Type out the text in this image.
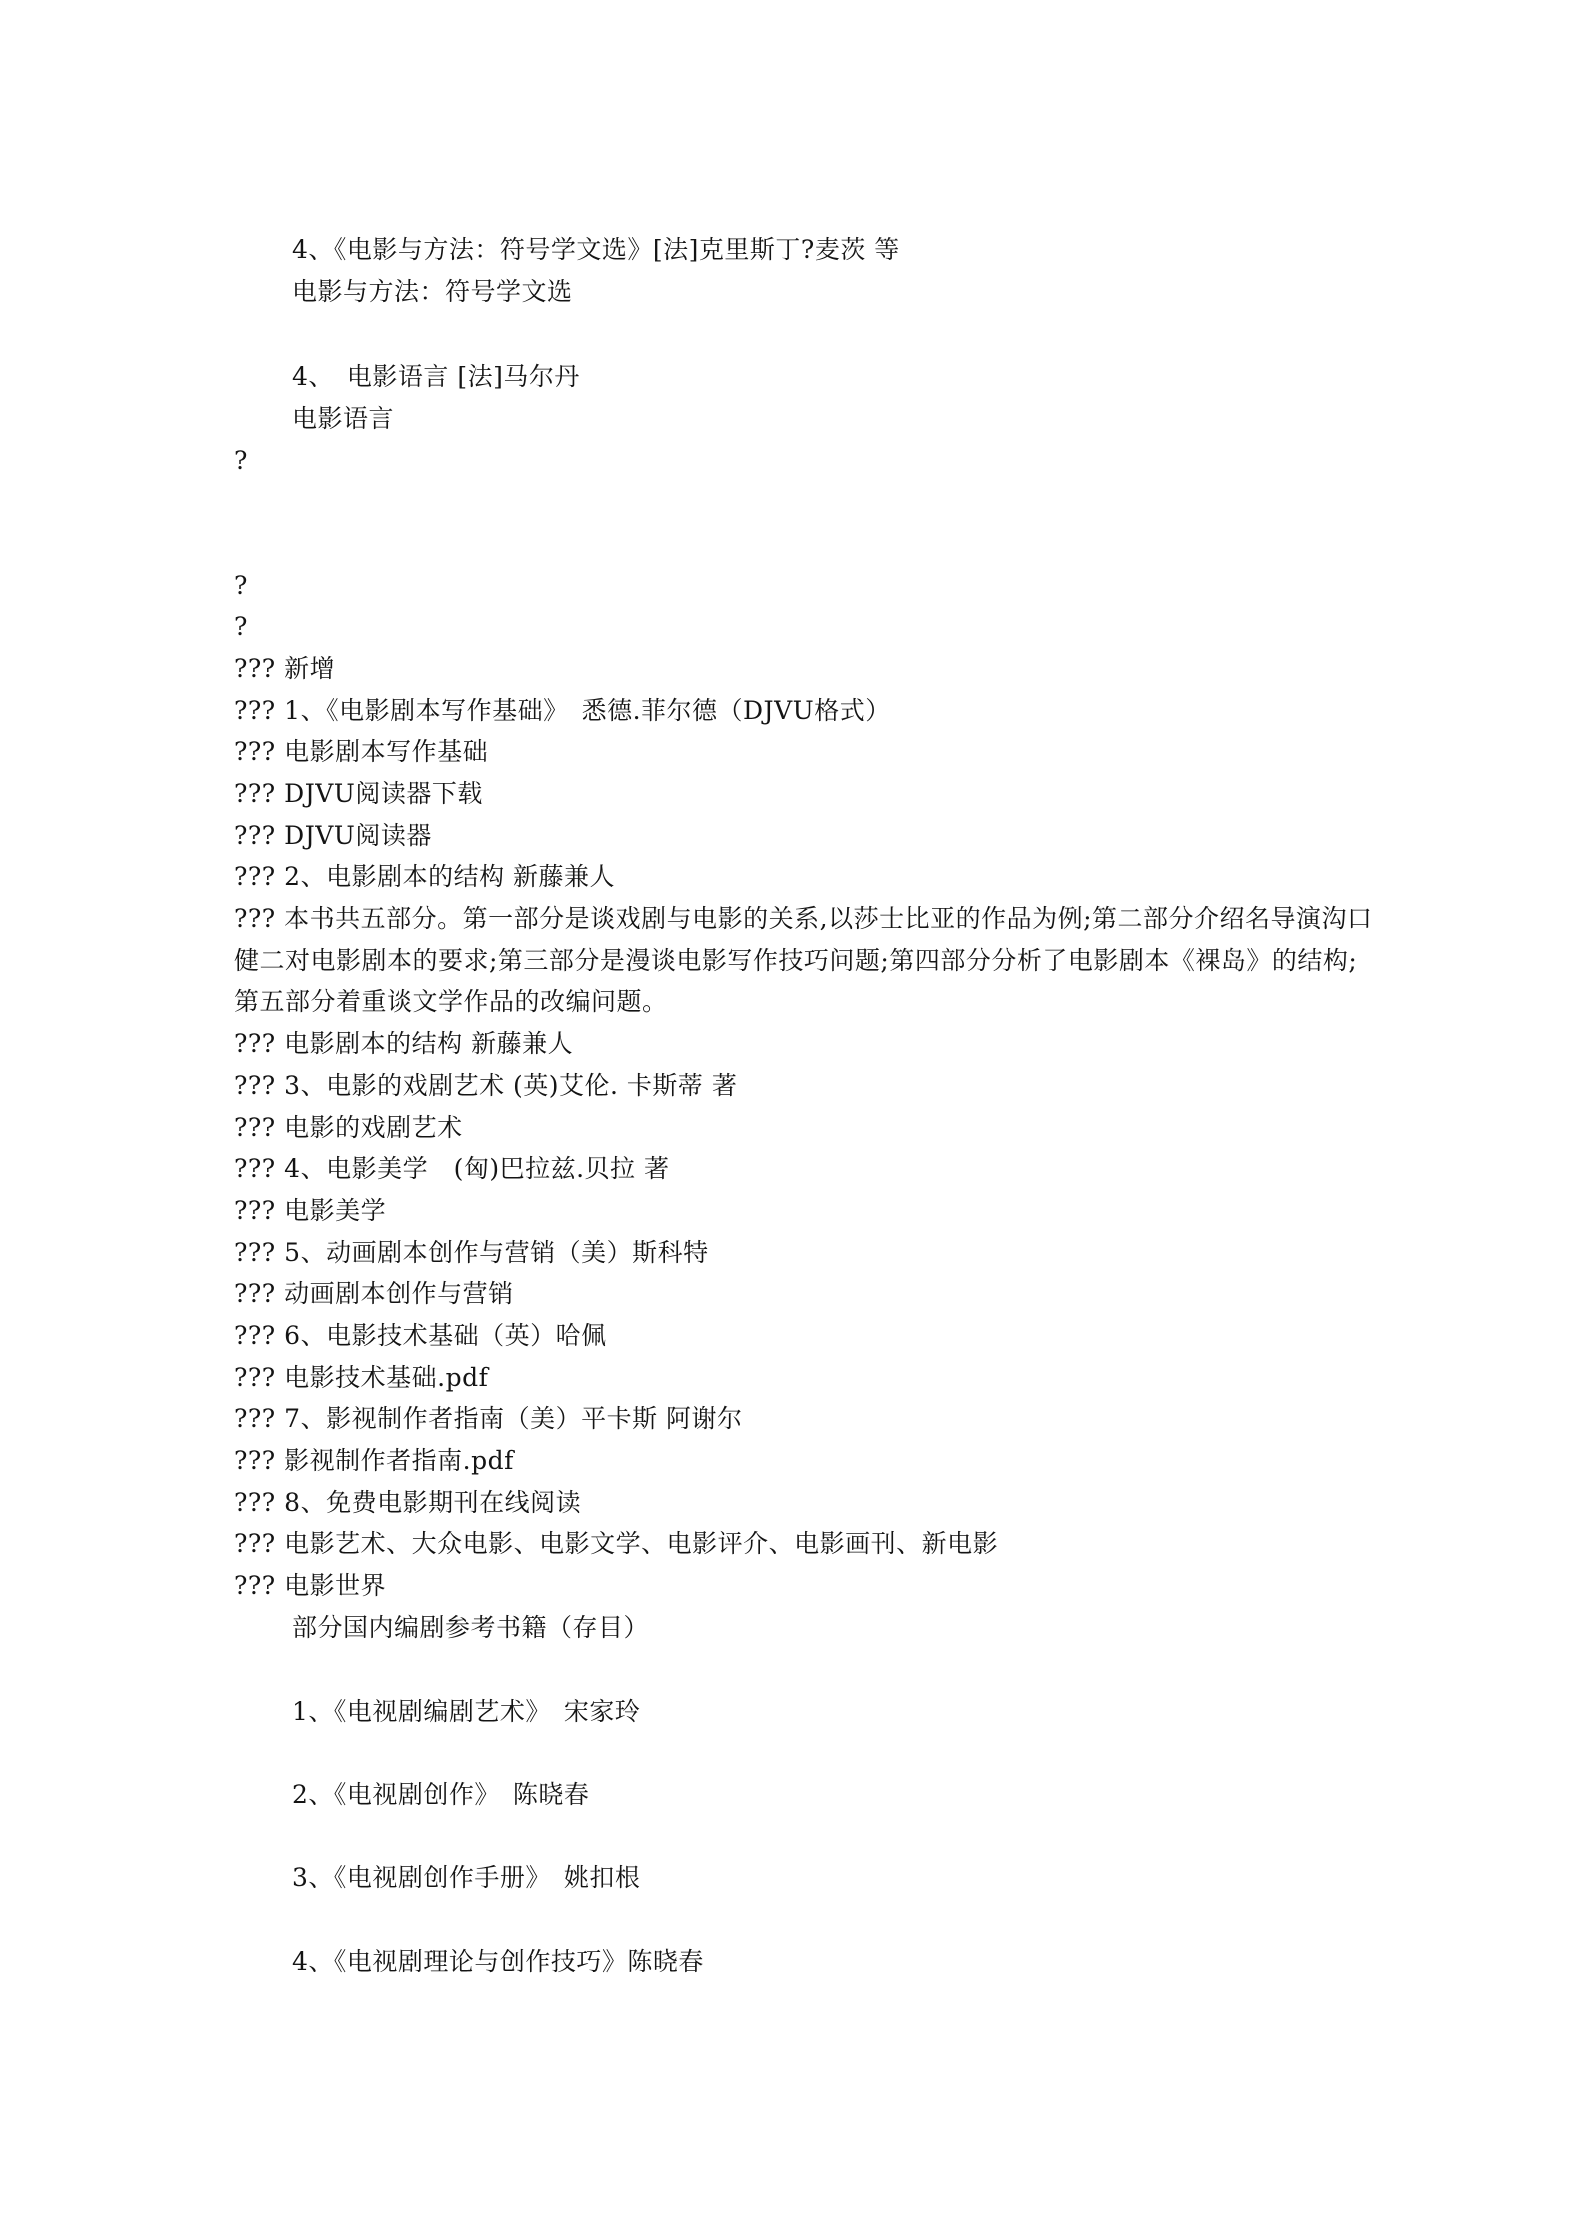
4、《电影与方法：符号学文选》[法]克里斯丁?麦茨 等
电影与方法：符号学文选
4、　电影语言 [法]马尔丹
电影语言
?
?
?
??? 新增
??? 1、《电影剧本写作基础》　悉德.菲尔德（DJVU格式）
??? 电影剧本写作基础
??? DJVU阅读器下载
??? DJVU阅读器
??? 2、电影剧本的结构 新藤兼人
??? 本书共五部分。第一部分是谈戏剧与电影的关系,以莎士比亚的作品为例;第二部分介绍名导演沟口健二对电影剧本的要求;第三部分是漫谈电影写作技巧问题;第四部分分析了电影剧本《裸岛》的结构;第五部分着重谈文学作品的改编问题。
??? 电影剧本的结构 新藤兼人
??? 3、电影的戏剧艺术 (英)艾伦. 卡斯蒂 著
??? 电影的戏剧艺术
??? 4、电影美学　(匈)巴拉兹.贝拉 著
??? 电影美学
??? 5、动画剧本创作与营销（美）斯科特
??? 动画剧本创作与营销
??? 6、电影技术基础（英）哈佩
??? 电影技术基础.pdf
??? 7、影视制作者指南（美）平卡斯 阿谢尔
??? 影视制作者指南.pdf
??? 8、免费电影期刊在线阅读
??? 电影艺术、大众电影、电影文学、电影评介、电影画刊、新电影
??? 电影世界
部分国内编剧参考书籍（存目）
1、《电视剧编剧艺术》　宋家玲
2、《电视剧创作》　陈晓春
3、《电视剧创作手册》　姚扣根
4、《电视剧理论与创作技巧》陈晓春
